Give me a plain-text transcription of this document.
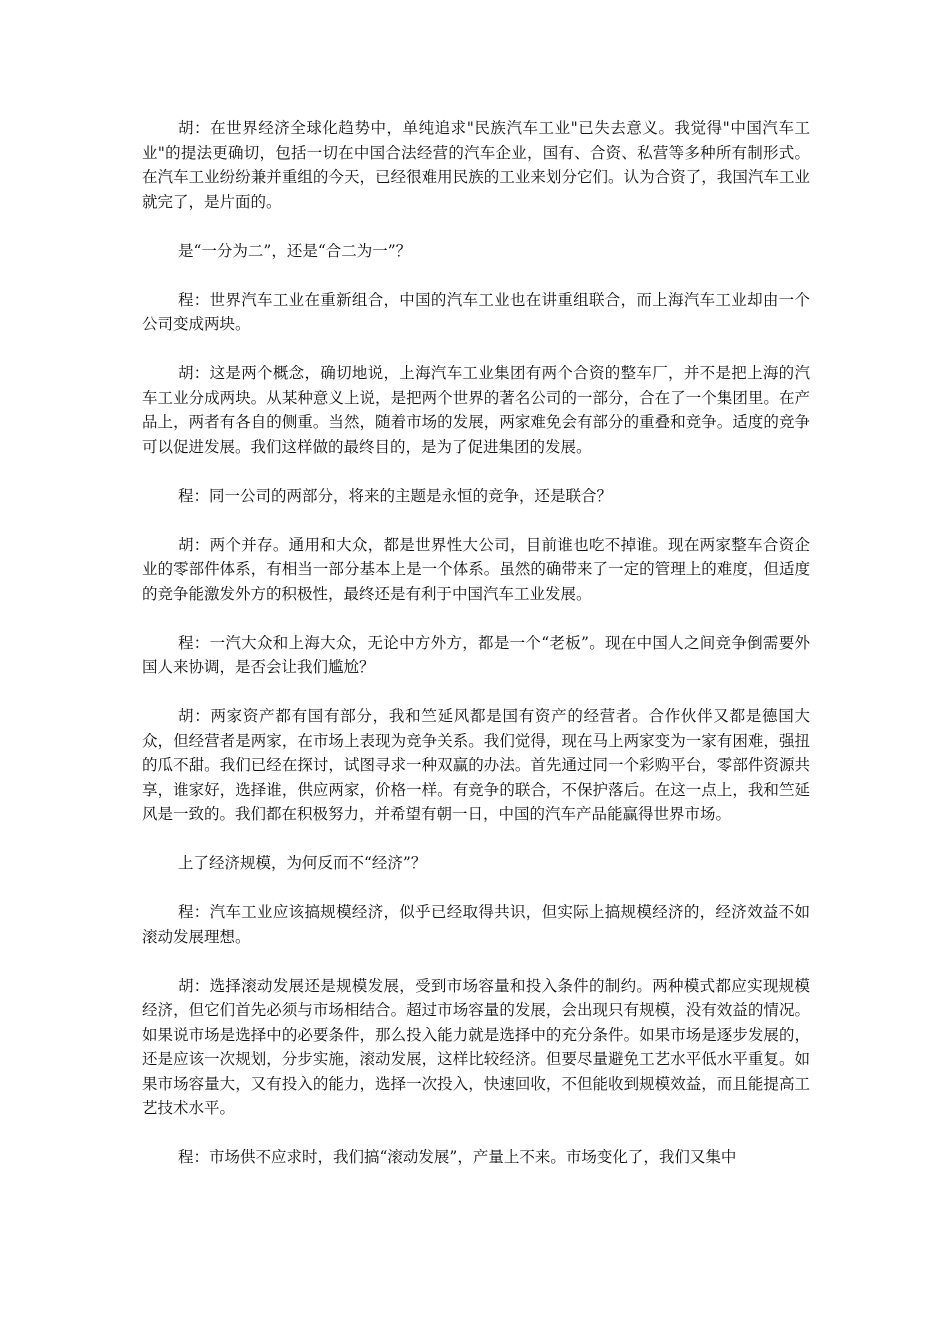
胡：在世界经济全球化趋势中，单纯追求"民族汽车工业"已失去意义。我觉得"中国汽车工业"的提法更确切，包括一切在中国合法经营的汽车企业，国有、合资、私营等多种所有制形式。在汽车工业纷纷兼并重组的今天，已经很难用民族的工业来划分它们。认为合资了，我国汽车工业就完了，是片面的。

是“一分为二”，还是“合二为一”？

程：世界汽车工业在重新组合，中国的汽车工业也在讲重组联合，而上海汽车工业却由一个公司变成两块。

胡：这是两个概念，确切地说，上海汽车工业集团有两个合资的整车厂，并不是把上海的汽车工业分成两块。从某种意义上说，是把两个世界的著名公司的一部分，合在了一个集团里。在产品上，两者有各自的侧重。当然，随着市场的发展，两家难免会有部分的重叠和竞争。适度的竞争可以促进发展。我们这样做的最终目的，是为了促进集团的发展。

程：同一公司的两部分，将来的主题是永恒的竞争，还是联合？

胡：两个并存。通用和大众，都是世界性大公司，目前谁也吃不掉谁。现在两家整车合资企业的零部件体系，有相当一部分基本上是一个体系。虽然的确带来了一定的管理上的难度，但适度的竞争能激发外方的积极性，最终还是有利于中国汽车工业发展。

程：一汽大众和上海大众，无论中方外方，都是一个“老板”。现在中国人之间竞争倒需要外国人来协调，是否会让我们尴尬？

胡：两家资产都有国有部分，我和竺延风都是国有资产的经营者。合作伙伴又都是德国大众，但经营者是两家，在市场上表现为竞争关系。我们觉得，现在马上两家变为一家有困难，强扭的瓜不甜。我们已经在探讨，试图寻求一种双赢的办法。首先通过同一个彩购平台，零部件资源共享，谁家好，选择谁，供应两家，价格一样。有竞争的联合，不保护落后。在这一点上，我和竺延风是一致的。我们都在积极努力，并希望有朝一日，中国的汽车产品能赢得世界市场。

上了经济规模，为何反而不“经济”？

程：汽车工业应该搞规模经济，似乎已经取得共识，但实际上搞规模经济的，经济效益不如滚动发展理想。

胡：选择滚动发展还是规模发展，受到市场容量和投入条件的制约。两种模式都应实现规模经济，但它们首先必须与市场相结合。超过市场容量的发展，会出现只有规模，没有效益的情况。如果说市场是选择中的必要条件，那么投入能力就是选择中的充分条件。如果市场是逐步发展的，还是应该一次规划，分步实施，滚动发展，这样比较经济。但要尽量避免工艺水平低水平重复。如果市场容量大，又有投入的能力，选择一次投入，快速回收，不但能收到规模效益，而且能提高工艺技术水平。

程：市场供不应求时，我们搞“滚动发展”，产量上不来。市场变化了，我们又集中
